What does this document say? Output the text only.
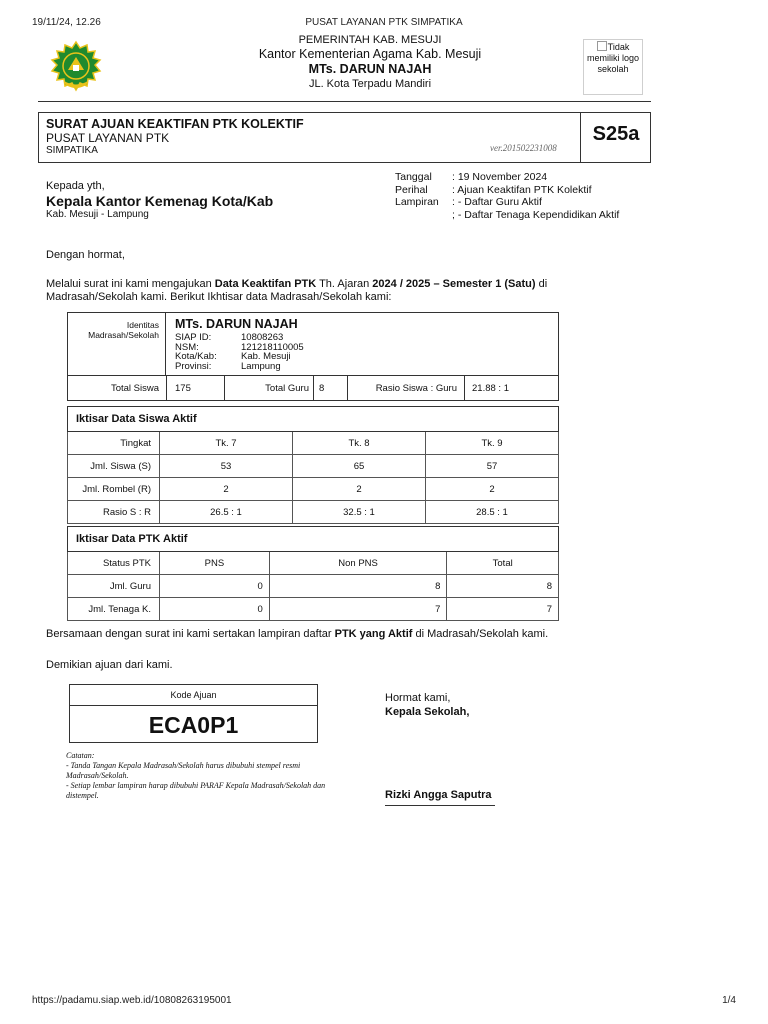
19/11/24, 12.26	PUSAT LAYANAN PTK SIMPATIKA
PEMERINTAH KAB. MESUJI
Kantor Kementerian Agama Kab. Mesuji
MTs. DARUN NAJAH
JL. Kota Terpadu Mandiri
Tidak memiliki logo sekolah
SURAT AJUAN KEAKTIFAN PTK KOLEKTIF
PUSAT LAYANAN PTK
SIMPATIKA	ver.201502231008
S25a
Kepada yth,
Kepala Kantor Kemenag Kota/Kab
Kab. Mesuji - Lampung
Tanggal	: 19 November 2024
Perihal	: Ajuan Keaktifan PTK Kolektif
Lampiran	: - Daftar Guru Aktif
	; - Daftar Tenaga Kependidikan Aktif
Dengan hormat,
Melalui surat ini kami mengajukan Data Keaktifan PTK Th. Ajaran 2024 / 2025 – Semester 1 (Satu) di Madrasah/Sekolah kami. Berikut Ikhtisar data Madrasah/Sekolah kami:
Identitas Madrasah/Sekolah
MTs. DARUN NAJAH
SIAP ID:	10808263
NSM:	121218110005
Kota/Kab:	Kab. Mesuji
Provinsi:	Lampung
Total Siswa 175	Total Guru 8	Rasio Siswa : Guru 21.88 : 1
Iktisar Data Siswa Aktif			
Tingkat	Tk. 7	Tk. 8	Tk. 9
Jml. Siswa (S)	53	65	57
Jml. Rombel (R)	2	2	2
Rasio S : R	26.5 : 1	32.5 : 1	28.5 : 1
Iktisar Data PTK Aktif			
Status PTK	PNS	Non PNS	Total
Jml. Guru	0	8	8
Jml. Tenaga K.	0	7	7
Bersamaan dengan surat ini kami sertakan lampiran daftar PTK yang Aktif di Madrasah/Sekolah kami.
Demikian ajuan dari kami.
Kode Ajuan
ECA0P1
Catatan:
- Tanda Tangan Kepala Madrasah/Sekolah harus dibubuhi stempel resmi Madrasah/Sekolah.
- Setiap lembar lampiran harap dibubuhi PARAF Kepala Madrasah/Sekolah dan distempel.
Hormat kami,
Kepala Sekolah,
Rizki Angga Saputra
https://padamu.siap.web.id/10808263195001	1/4
